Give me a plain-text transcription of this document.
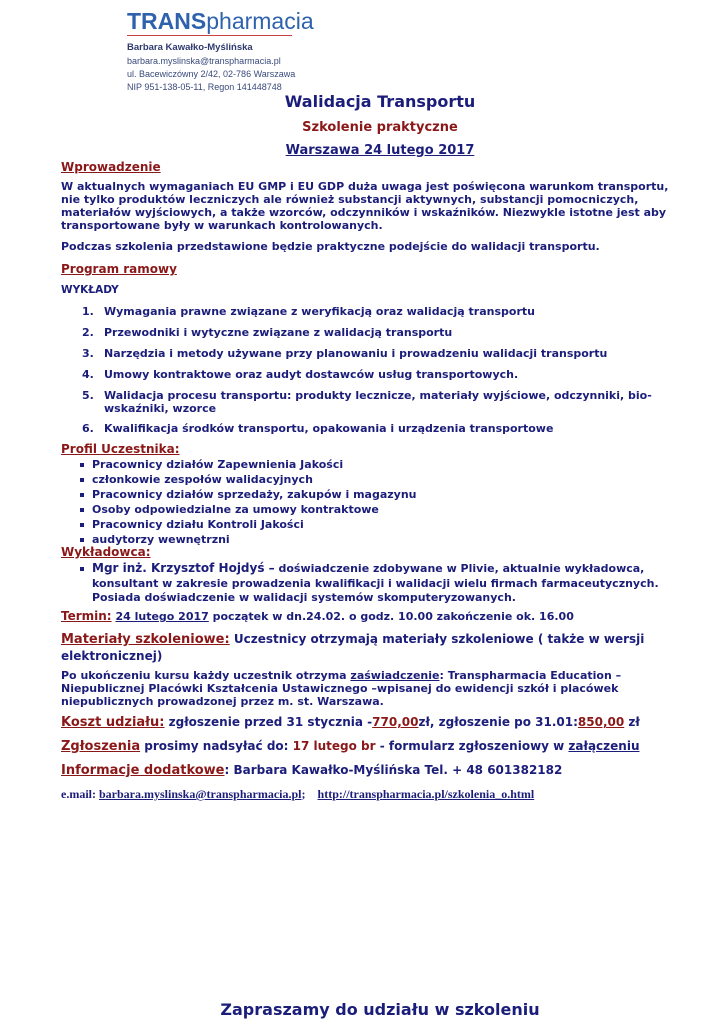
TRANSpharmacia
Barbara Kawałko-Myślińska
barbara.myslinska@transpharmacia.pl
ul. Bacewiczówny 2/42, 02-786 Warszawa
NIP 951-138-05-11, Regon 141448748
Walidacja Transportu
Szkolenie praktyczne
Warszawa 24 lutego 2017
Wprowadzenie
W aktualnych wymaganiach EU GMP i EU GDP duża uwaga jest poświęcona warunkom transportu, nie tylko produktów leczniczych ale również substancji aktywnych, substancji pomocniczych, materiałów wyjściowych, a także wzorców, odczynników i wskaźników. Niezwykle istotne jest aby transportowane były w warunkach kontrolowanych.
Podczas szkolenia przedstawione będzie praktyczne podejście do walidacji transportu.
Program ramowy
WYKŁADY
1. Wymagania prawne związane z weryfikacją oraz walidacją transportu
2. Przewodniki i wytyczne związane z walidacją transportu
3. Narzędzia i metody używane przy planowaniu i prowadzeniu walidacji transportu
4. Umowy kontraktowe oraz audyt dostawców usług transportowych.
5. Walidacja procesu transportu: produkty lecznicze, materiały wyjściowe, odczynniki, bio-wskaźniki, wzorce
6. Kwalifikacja środków transportu, opakowania i urządzenia transportowe
Profil Uczestnika:
Pracownicy działów Zapewnienia Jakości
członkowie zespołów walidacyjnych
Pracownicy działów sprzedaży, zakupów i magazynu
Osoby odpowiedzialne za umowy kontraktowe
Pracownicy działu Kontroli Jakości
audytorzy wewnętrzni
Wykładowca:
Mgr inż. Krzysztof Hojdyś – doświadczenie zdobywane w Plivie, aktualnie wykładowca,
konsultant w zakresie prowadzenia kwalifikacji i walidacji wielu firmach farmaceutycznych.
Posiada doświadczenie w walidacji systemów skomputeryzowanych.
Termin: 24 lutego 2017 początek w dn.24.02. o godz. 10.00 zakończenie ok. 16.00
Materiały szkoleniowe: Uczestnicy otrzymają materiały szkoleniowe ( także w wersji elektronicznej)
Po ukończeniu kursu każdy uczestnik otrzyma zaświadczenie: Transpharmacia Education – Niepublicznej Placówki Kształcenia Ustawicznego –wpisanej do ewidencji szkół i placówek niepublicznych prowadzonej przez m. st. Warszawa.
Koszt udziału: zgłoszenie przed 31 stycznia -770,00zł, zgłoszenie po 31.01:850,00 zł
Zgłoszenia prosimy nadsyłać do: 17 lutego br - formularz zgłoszeniowy w załączeniu
Informacje dodatkowe: Barbara Kawałko-Myślińska Tel. + 48 601382182
e.mail: barbara.myslinska@transpharmacia.pl;    http://transpharmacia.pl/szkolenia_o.html
Zapraszamy do udziału w szkoleniu
